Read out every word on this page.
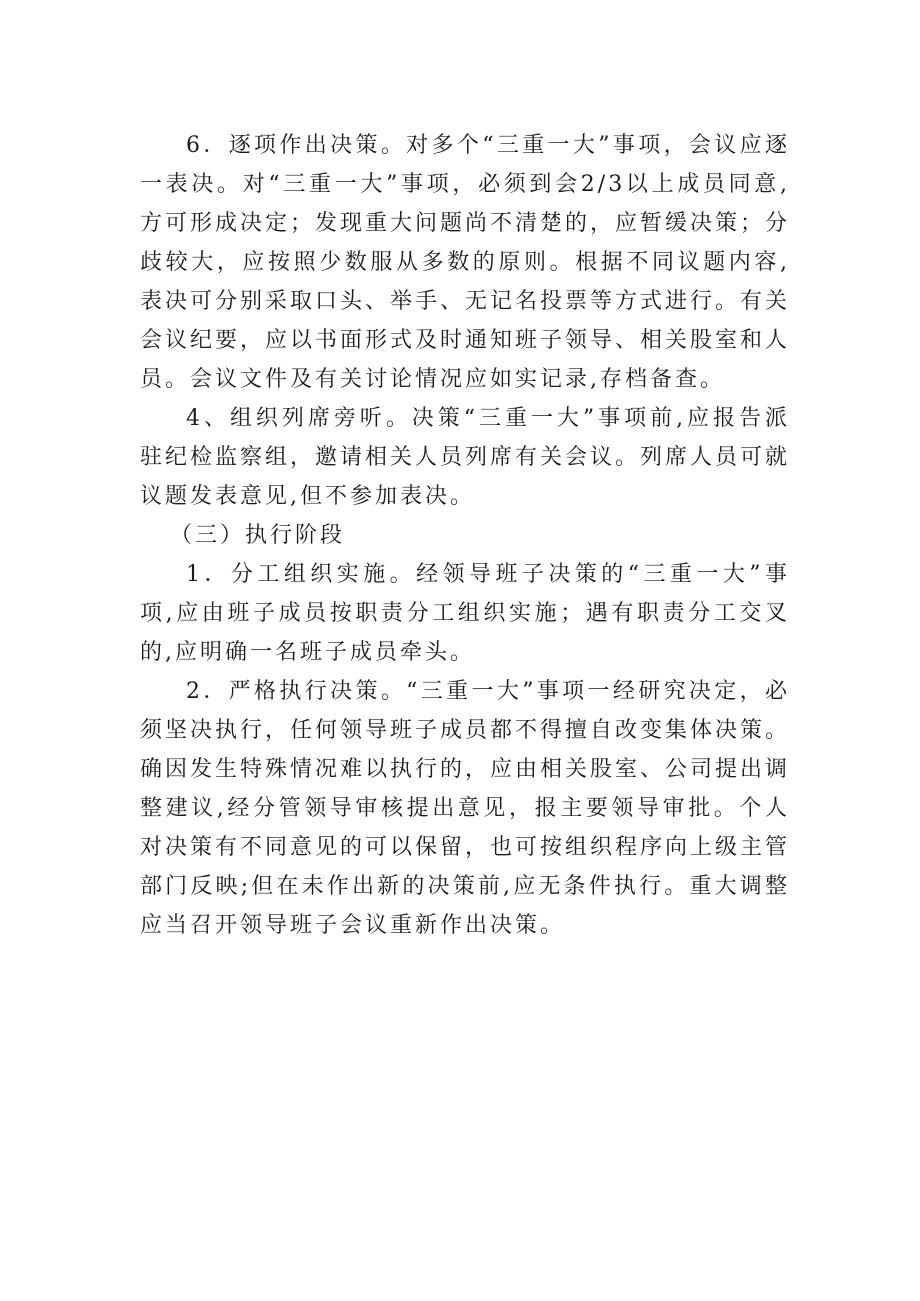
6．逐项作出决策。对多个“三重一大”事项，会议应逐一表决。对“三重一大”事项，必须到会2/3以上成员同意,方可形成决定；发现重大问题尚不清楚的，应暂缓决策；分歧较大，应按照少数服从多数的原则。根据不同议题内容,表决可分别采取口头、举手、无记名投票等方式进行。有关会议纪要，应以书面形式及时通知班子领导、相关股室和人员。会议文件及有关讨论情况应如实记录,存档备查。

4、组织列席旁听。决策“三重一大”事项前,应报告派驻纪检监察组，邀请相关人员列席有关会议。列席人员可就议题发表意见,但不参加表决。

（三）执行阶段

1．分工组织实施。经领导班子决策的“三重一大”事项,应由班子成员按职责分工组织实施；遇有职责分工交叉的,应明确一名班子成员牵头。

2．严格执行决策。“三重一大”事项一经研究决定，必须坚决执行，任何领导班子成员都不得擅自改变集体决策。确因发生特殊情况难以执行的，应由相关股室、公司提出调整建议,经分管领导审核提出意见，报主要领导审批。个人对决策有不同意见的可以保留，也可按组织程序向上级主管部门反映;但在未作出新的决策前,应无条件执行。重大调整应当召开领导班子会议重新作出决策。
